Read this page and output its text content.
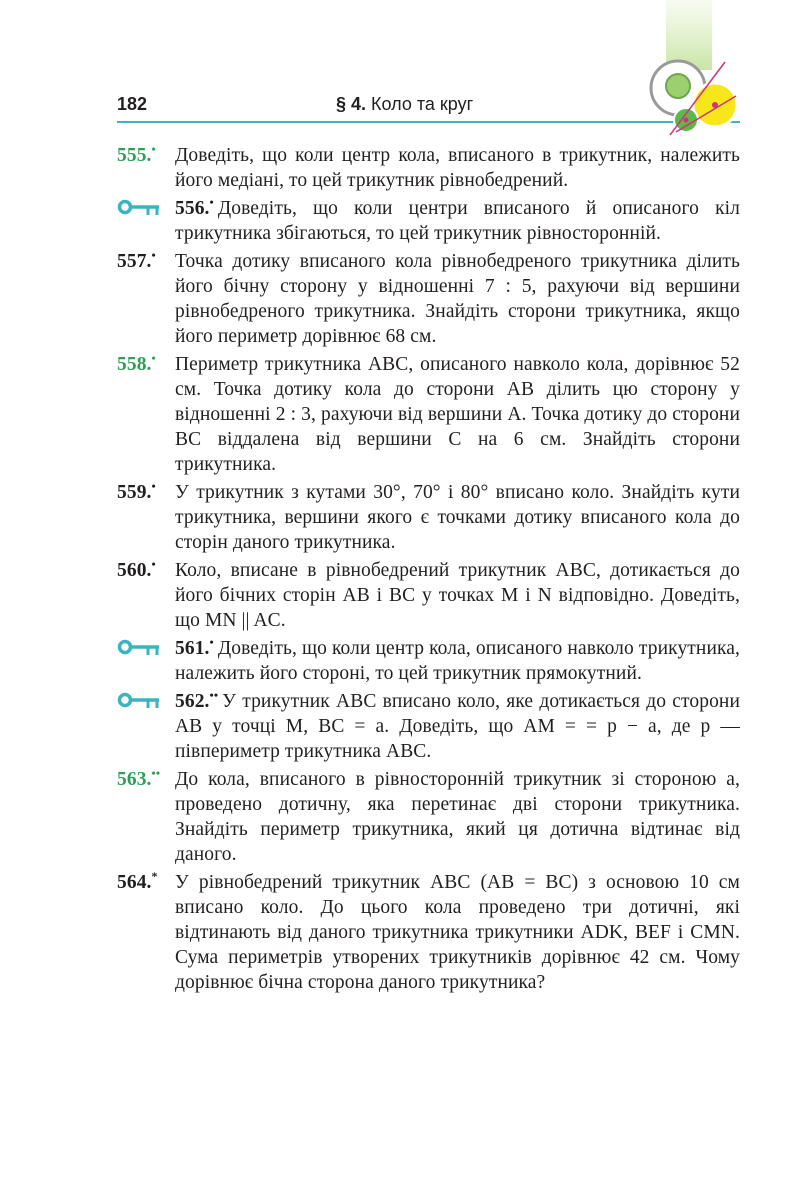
182	§ 4. Коло та круг
555.• Доведіть, що коли центр кола, вписаного в трикутник, належить його медіані, то цей трикутник рівнобедрений.
556.• Доведіть, що коли центри вписаного й описаного кіл трикутника збігаються, то цей трикутник рівносторонній.
557.• Точка дотику вписаного кола рівнобедреного трикутника ділить його бічну сторону у відношенні 7 : 5, рахуючи від вершини рівнобедреного трикутника. Знайдіть сторони трикутника, якщо його периметр дорівнює 68 см.
558.• Периметр трикутника ABC, описаного навколо кола, дорівнює 52 см. Точка дотику кола до сторони AB ділить цю сторону у відношенні 2 : 3, рахуючи від вершини A. Точка дотику до сторони BC віддалена від вершини C на 6 см. Знайдіть сторони трикутника.
559.• У трикутник з кутами 30°, 70° і 80° вписано коло. Знайдіть кути трикутника, вершини якого є точками дотику вписаного кола до сторін даного трикутника.
560.• Коло, вписане в рівнобедрений трикутник ABC, дотикається до його бічних сторін AB і BC у точках M і N відповідно. Доведіть, що MN || AC.
561.• Доведіть, що коли центр кола, описаного навколо трикутника, належить його стороні, то цей трикутник прямокутний.
562.•• У трикутник ABC вписано коло, яке дотикається до сторони AB у точці M, BC = a. Доведіть, що AM = = p − a, де p — півпериметр трикутника ABC.
563.•• До кола, вписаного в рівносторонній трикутник зі стороною a, проведено дотичну, яка перетинає дві сторони трикутника. Знайдіть периметр трикутника, який ця дотична відтинає від даного.
564.* У рівнобедрений трикутник ABC (AB = BC) з основою 10 см вписано коло. До цього кола проведено три дотичні, які відтинають від даного трикутника трикутники ADK, BEF і CMN. Сума периметрів утворених трикутників дорівнює 42 см. Чому дорівнює бічна сторона даного трикутника?
